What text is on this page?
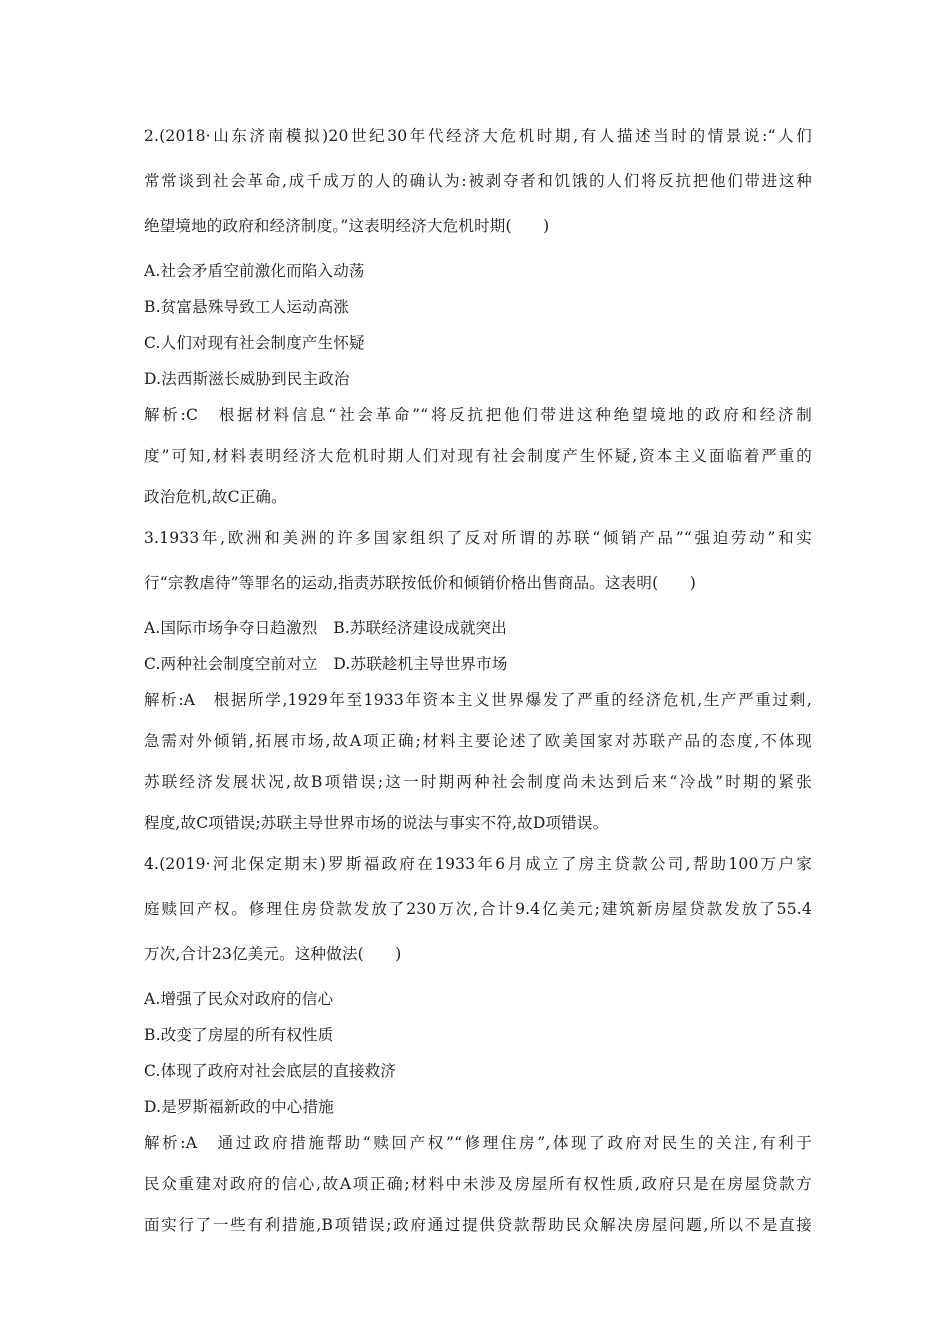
2.(2018·山东济南模拟)20世纪30年代经济大危机时期,有人描述当时的情景说:“人们
常常谈到社会革命,成千成万的人的确认为:被剥夺者和饥饿的人们将反抗把他们带进这种
绝望境地的政府和经济制度。”这表明经济大危机时期(　　)
A.社会矛盾空前激化而陷入动荡
B.贫富悬殊导致工人运动高涨
C.人们对现有社会制度产生怀疑
D.法西斯滋长威胁到民主政治
解析:C　根据材料信息“社会革命”“将反抗把他们带进这种绝望境地的政府和经济制
度”可知,材料表明经济大危机时期人们对现有社会制度产生怀疑,资本主义面临着严重的
政治危机,故C正确。
3.1933年,欧洲和美洲的许多国家组织了反对所谓的苏联“倾销产品”“强迫劳动”和实
行“宗教虐待”等罪名的运动,指责苏联按低价和倾销价格出售商品。这表明(　　)
A.国际市场争夺日趋激烈　B.苏联经济建设成就突出
C.两种社会制度空前对立　D.苏联趁机主导世界市场
解析:A　根据所学,1929年至1933年资本主义世界爆发了严重的经济危机,生产严重过剩,
急需对外倾销,拓展市场,故A项正确;材料主要论述了欧美国家对苏联产品的态度,不体现
苏联经济发展状况,故B项错误;这一时期两种社会制度尚未达到后来“冷战”时期的紧张
程度,故C项错误;苏联主导世界市场的说法与事实不符,故D项错误。
4.(2019·河北保定期末)罗斯福政府在1933年6月成立了房主贷款公司,帮助100万户家
庭赎回产权。修理住房贷款发放了230万次,合计9.4亿美元;建筑新房屋贷款发放了55.4
万次,合计23亿美元。这种做法(　　)
A.增强了民众对政府的信心
B.改变了房屋的所有权性质
C.体现了政府对社会底层的直接救济
D.是罗斯福新政的中心措施
解析:A　通过政府措施帮助“赎回产权”“修理住房”,体现了政府对民生的关注,有利于
民众重建对政府的信心,故A项正确;材料中未涉及房屋所有权性质,政府只是在房屋贷款方
面实行了一些有利措施,B项错误;政府通过提供贷款帮助民众解决房屋问题,所以不是直接
